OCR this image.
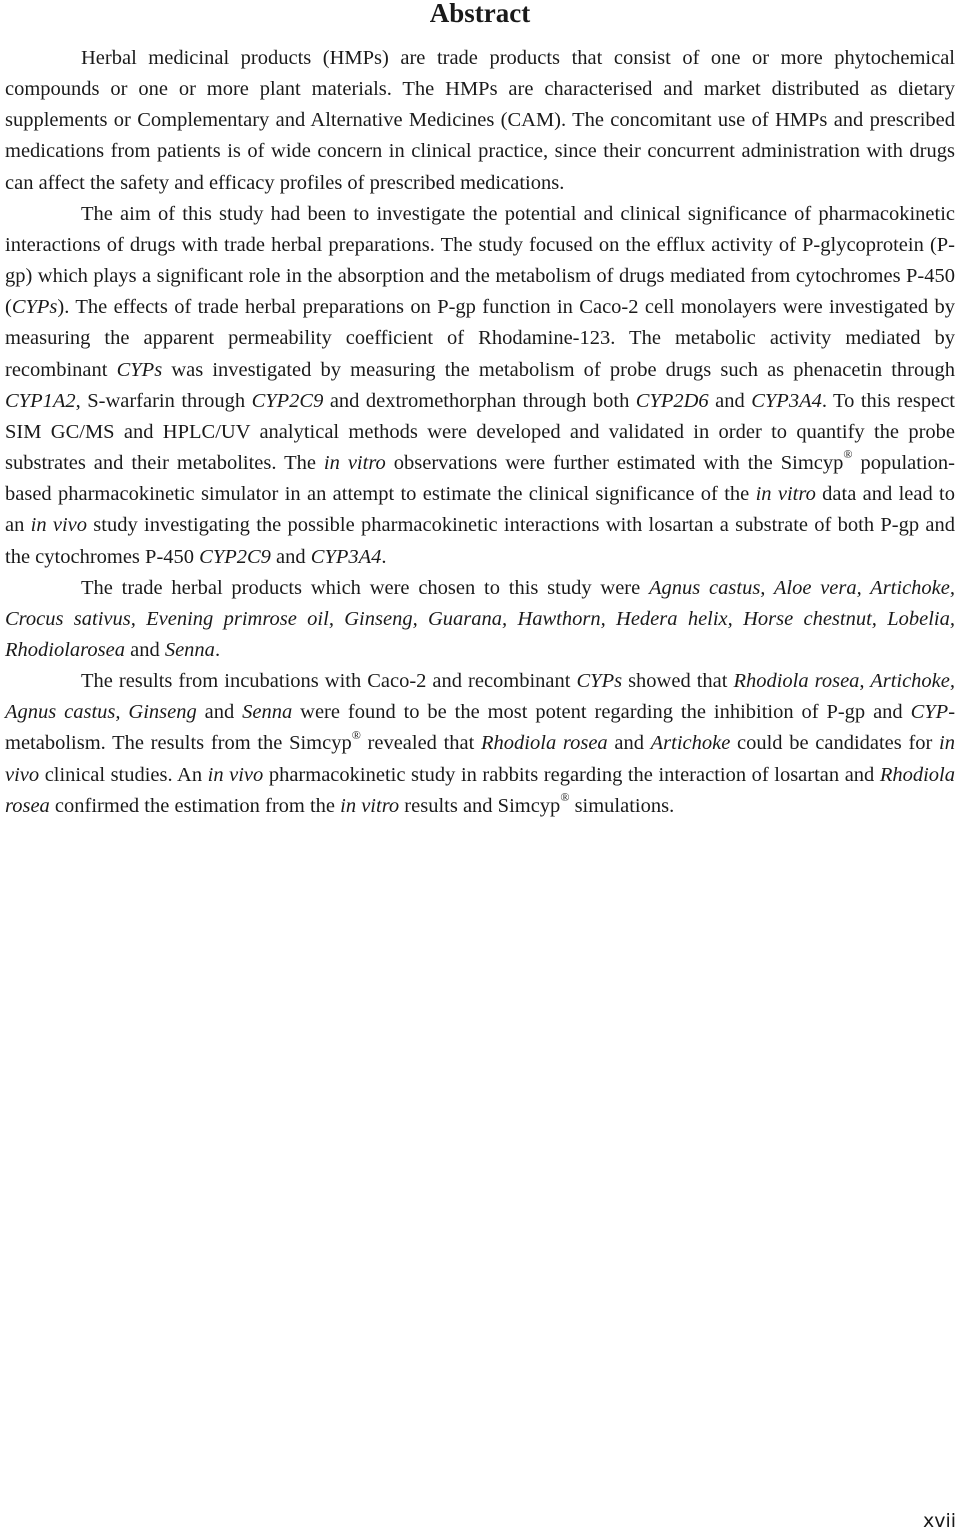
Abstract

Herbal medicinal products (HMPs) are trade products that consist of one or more phytochemical compounds or one or more plant materials. The HMPs are characterised and market distributed as dietary supplements or Complementary and Alternative Medicines (CAM). The concomitant use of HMPs and prescribed medications from patients is of wide concern in clinical practice, since their concurrent administration with drugs can affect the safety and efficacy profiles of prescribed medications.

The aim of this study had been to investigate the potential and clinical significance of pharmacokinetic interactions of drugs with trade herbal preparations. The study focused on the efflux activity of P-glycoprotein (P-gp) which plays a significant role in the absorption and the metabolism of drugs mediated from cytochromes P-450 (CYPs). The effects of trade herbal preparations on P-gp function in Caco-2 cell monolayers were investigated by measuring the apparent permeability coefficient of Rhodamine-123. The metabolic activity mediated by recombinant CYPs was investigated by measuring the metabolism of probe drugs such as phenacetin through CYP1A2, S-warfarin through CYP2C9 and dextromethorphan through both CYP2D6 and CYP3A4. To this respect SIM GC/MS and HPLC/UV analytical methods were developed and validated in order to quantify the probe substrates and their metabolites. The in vitro observations were further estimated with the Simcyp® population-based pharmacokinetic simulator in an attempt to estimate the clinical significance of the in vitro data and lead to an in vivo study investigating the possible pharmacokinetic interactions with losartan a substrate of both P-gp and the cytochromes P-450 CYP2C9 and CYP3A4.

The trade herbal products which were chosen to this study were Agnus castus, Aloe vera, Artichoke, Crocus sativus, Evening primrose oil, Ginseng, Guarana, Hawthorn, Hedera helix, Horse chestnut, Lobelia, Rhodiolarosea and Senna.

The results from incubations with Caco-2 and recombinant CYPs showed that Rhodiola rosea, Artichoke, Agnus castus, Ginseng and Senna were found to be the most potent regarding the inhibition of P-gp and CYP-metabolism. The results from the Simcyp® revealed that Rhodiola rosea and Artichoke could be candidates for in vivo clinical studies. An in vivo pharmacokinetic study in rabbits regarding the interaction of losartan and Rhodiola rosea confirmed the estimation from the in vitro results and Simcyp® simulations.

xvii
